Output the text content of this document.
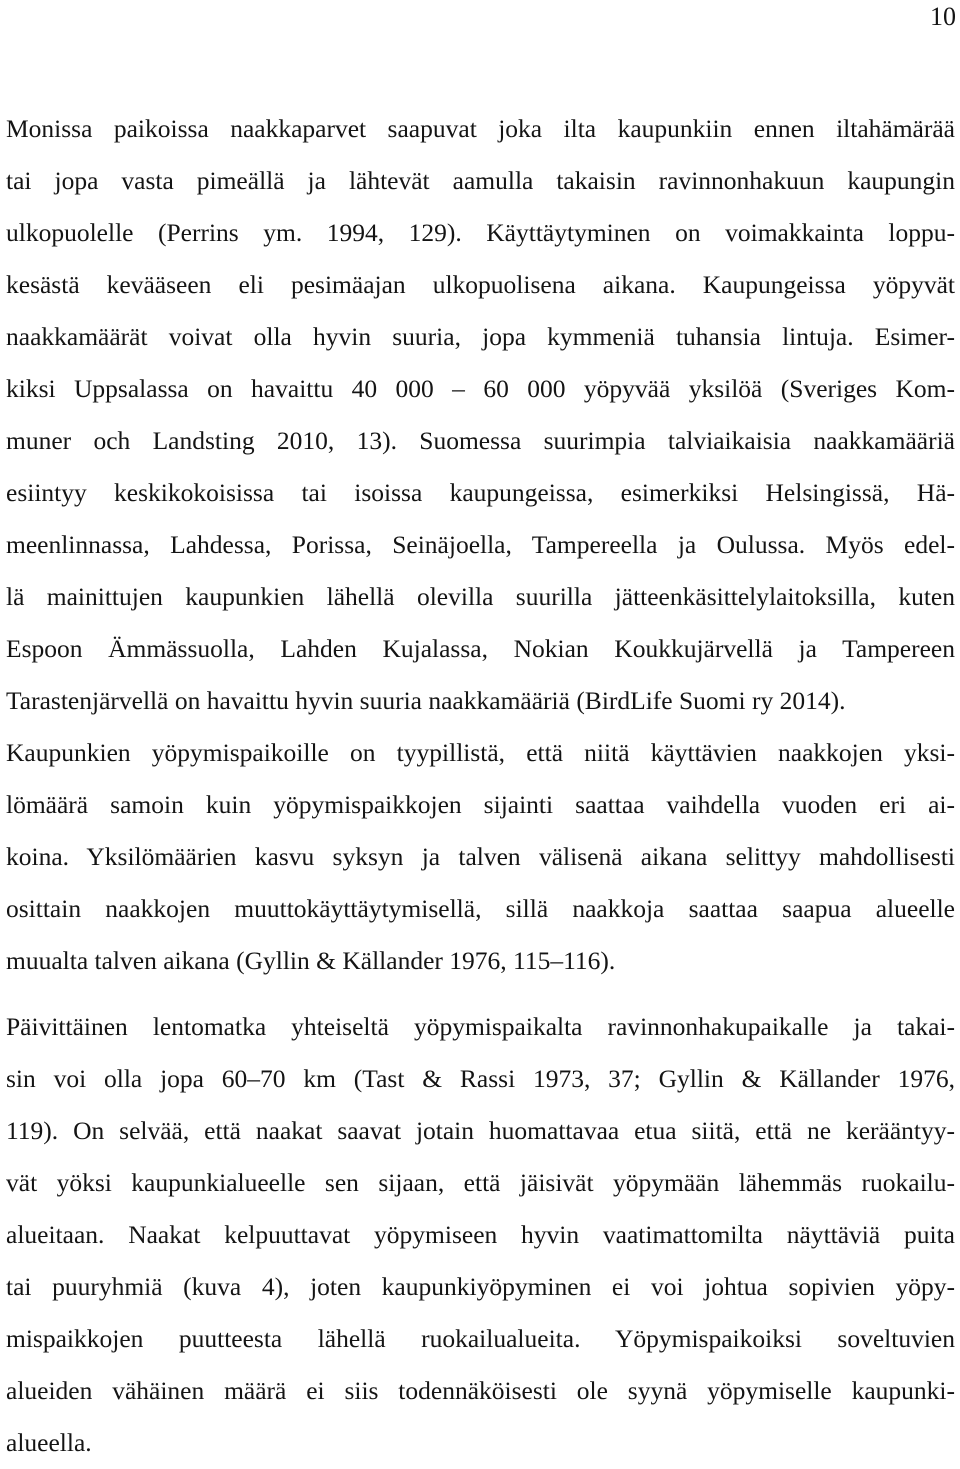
10
Monissa paikoissa naakkaparvet saapuvat joka ilta kaupunkiin ennen iltahämärää
tai jopa vasta pimeällä ja lähtevät aamulla takaisin ravinnonhakuun kaupungin
ulkopuolelle (Perrins ym. 1994, 129). Käyttäytyminen on voimakkainta loppu-
kesästä kevääseen eli pesimäajan ulkopuolisena aikana. Kaupungeissa yöpyvät
naakkamäärät voivat olla hyvin suuria, jopa kymmeniä tuhansia lintuja. Esimer-
kiksi Uppsalassa on havaittu 40 000 – 60 000 yöpyvää yksilöä (Sveriges Kom-
muner och Landsting 2010, 13). Suomessa suurimpia talviaikaisia naakkamääriä
esiintyy keskikokoisissa tai isoissa kaupungeissa, esimerkiksi Helsingissä, Hä-
meenlinnassa, Lahdessa, Porissa, Seinäjoella, Tampereella ja Oulussa. Myös edel-
lä mainittujen kaupunkien lähellä olevilla suurilla jätteenkäsittelylaitoksilla, kuten
Espoon Ämmässuolla, Lahden Kujalassa, Nokian Koukkujärvellä ja Tampereen
Tarastenjärvellä on havaittu hyvin suuria naakkamääriä (BirdLife Suomi ry 2014).
Kaupunkien yöpymispaikoille on tyypillistä, että niitä käyttävien naakkojen yksi-
lömäärä samoin kuin yöpymispaikkojen sijainti saattaa vaihdella vuoden eri ai-
koina. Yksilömäärien kasvu syksyn ja talven välisenä aikana selittyy mahdollisesti
osittain naakkojen muuttokäyttäytymisellä, sillä naakkoja saattaa saapua alueelle
muualta talven aikana (Gyllin & Källander 1976, 115–116).
Päivittäinen lentomatka yhteiseltä yöpymispaikalta ravinnonhakupaikalle ja takai-
sin voi olla jopa 60–70 km (Tast & Rassi 1973, 37; Gyllin & Källander 1976,
119). On selvää, että naakat saavat jotain huomattavaa etua siitä, että ne kerääntyy-
vät yöksi kaupunkialueelle sen sijaan, että jäisivät yöpymään lähemmäs ruokailu-
alueitaan. Naakat kelpuuttavat yöpymiseen hyvin vaatimattomilta näyttäviä puita
tai puuryhmiä (kuva 4), joten kaupunkiyöpyminen ei voi johtua sopivien yöpy-
mispaikkojen puutteesta lähellä ruokailualueita. Yöpymispaikoiksi soveltuvien
alueiden vähäinen määrä ei siis todennäköisesti ole syynä yöpymiselle kaupunki-
alueella.
